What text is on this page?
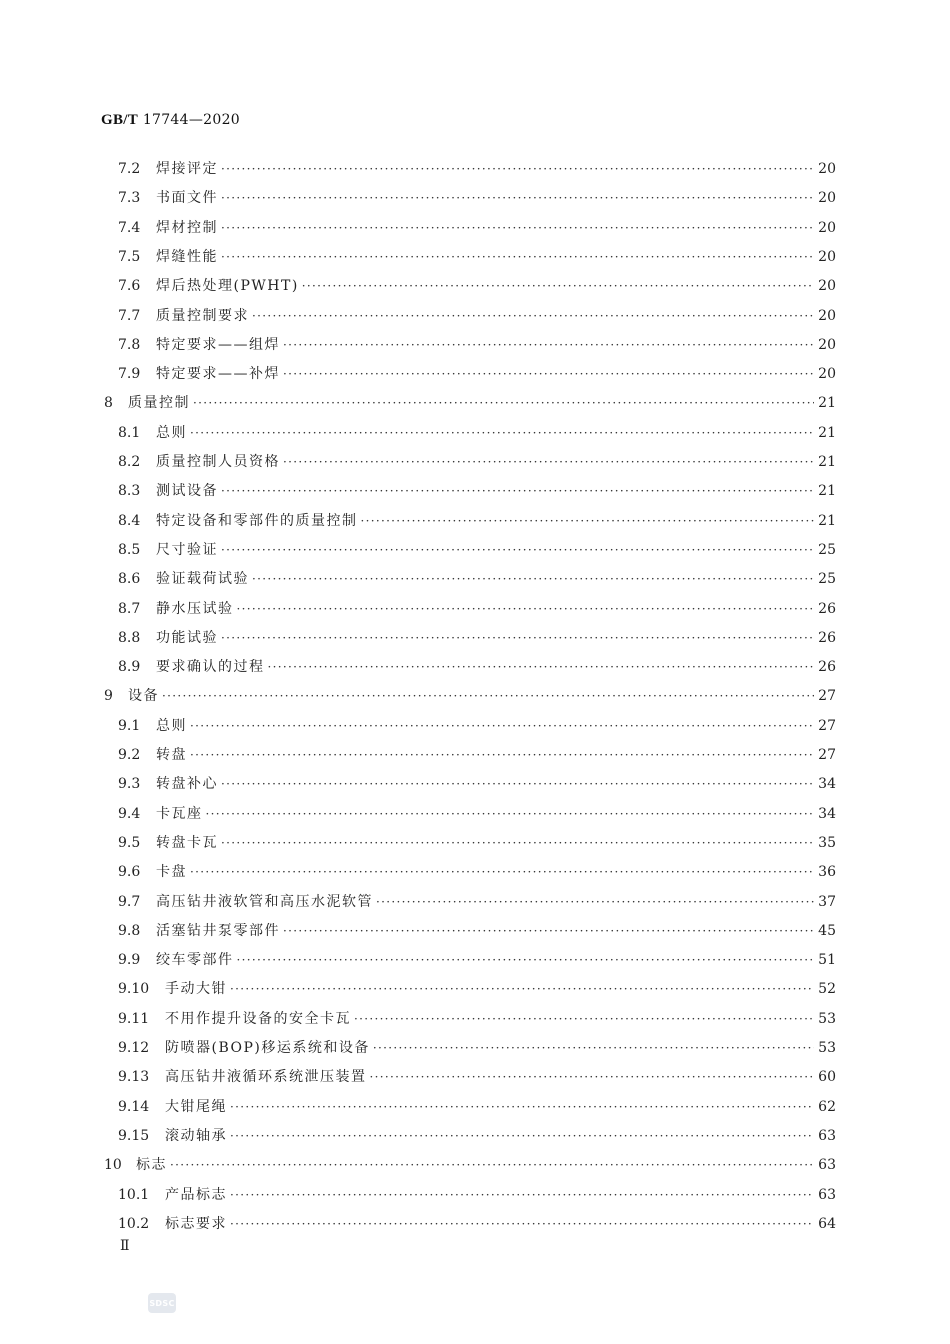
GB/T 17744—2020
7.2	焊接评定 ·····	20
7.3	书面文件 ·····	20
7.4	焊材控制 ·····	20
7.5	焊缝性能 ·····	20
7.6	焊后热处理(PWHT) ·····	20
7.7	质量控制要求 ·····	20
7.8	特定要求——组焊 ·····	20
7.9	特定要求——补焊 ·····	20
8	质量控制 ·····	21
8.1	总则 ·····	21
8.2	质量控制人员资格 ·····	21
8.3	测试设备 ·····	21
8.4	特定设备和零部件的质量控制 ·····	21
8.5	尺寸验证 ·····	25
8.6	验证载荷试验 ·····	25
8.7	静水压试验 ·····	26
8.8	功能试验 ·····	26
8.9	要求确认的过程 ·····	26
9	设备 ·····	27
9.1	总则 ·····	27
9.2	转盘 ·····	27
9.3	转盘补心 ·····	34
9.4	卡瓦座 ·····	34
9.5	转盘卡瓦 ·····	35
9.6	卡盘 ·····	36
9.7	高压钻井液软管和高压水泥软管 ·····	37
9.8	活塞钻井泵零部件 ·····	45
9.9	绞车零部件 ·····	51
9.10	手动大钳 ·····	52
9.11	不用作提升设备的安全卡瓦 ·····	53
9.12	防喷器(BOP)移运系统和设备 ·····	53
9.13	高压钻井液循环系统泄压装置 ·····	60
9.14	大钳尾绳 ·····	62
9.15	滚动轴承 ·····	63
10	标志 ·····	63
10.1	产品标志 ·····	63
10.2	标志要求 ·····	64
Ⅱ
SDSC
